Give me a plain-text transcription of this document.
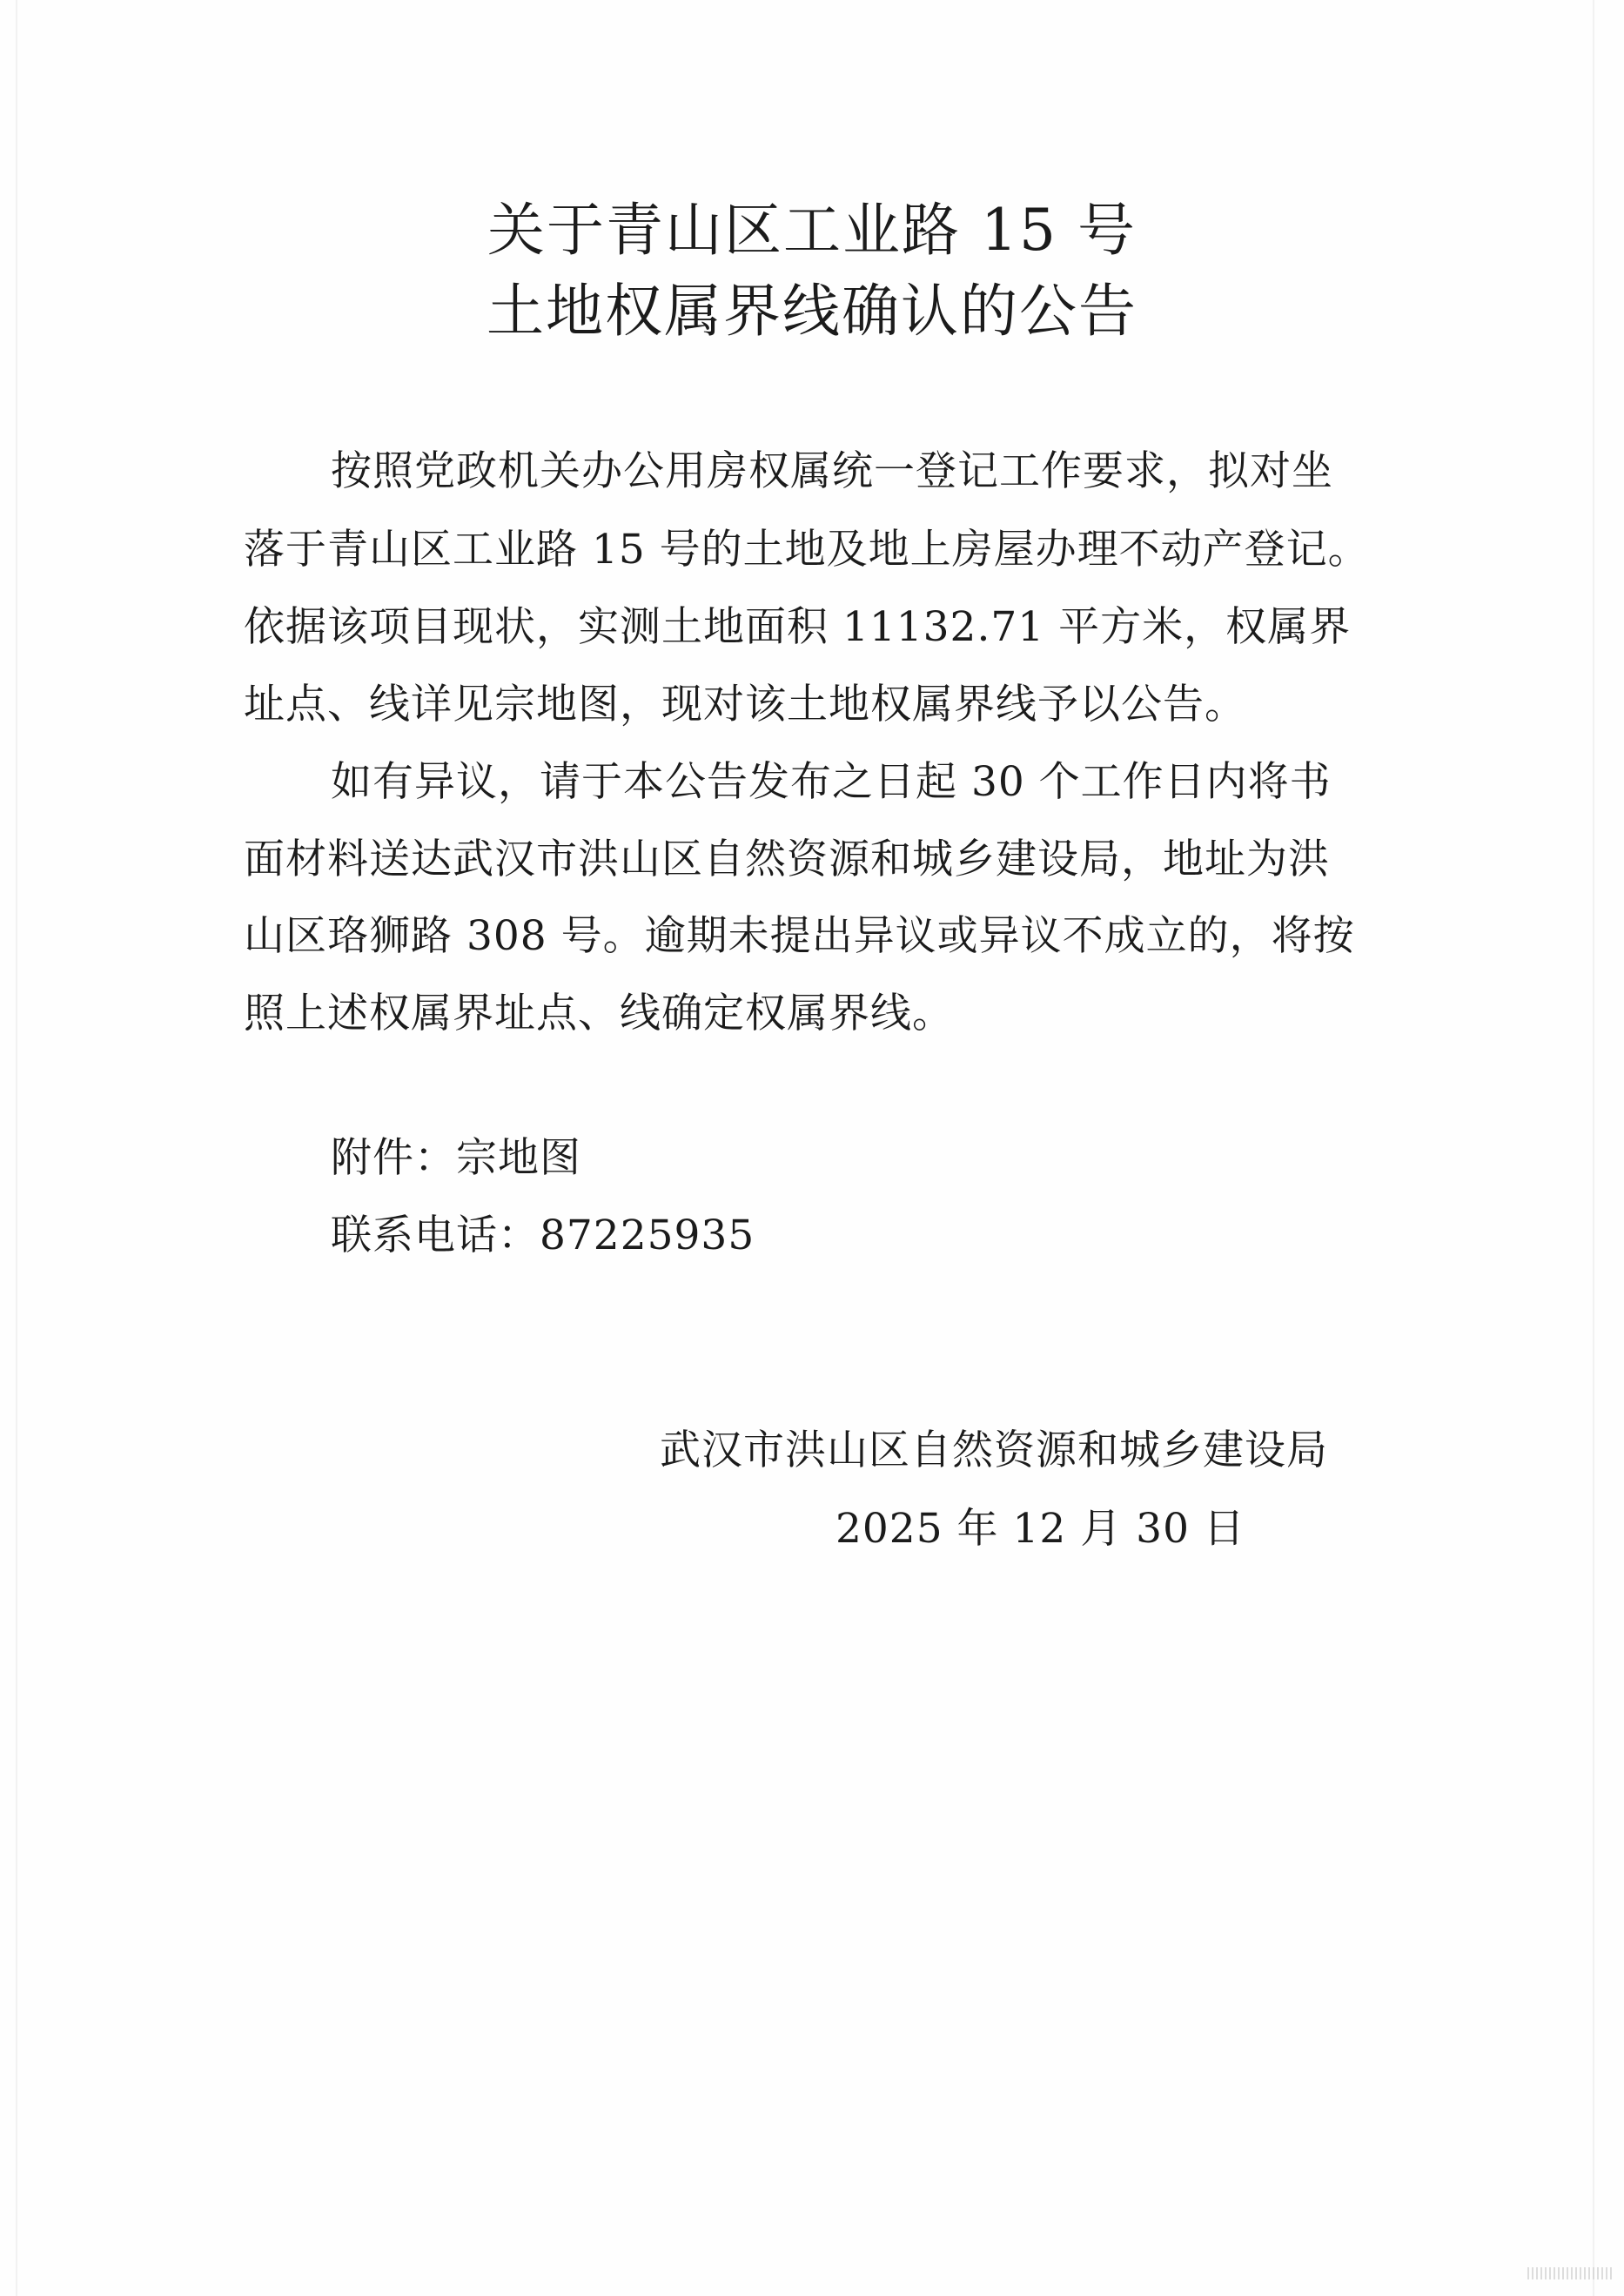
关于青山区工业路 15 号
土地权属界线确认的公告

按照党政机关办公用房权属统一登记工作要求，拟对坐

落于青山区工业路 15 号的土地及地上房屋办理不动产登记。

依据该项目现状，实测土地面积 11132.71 平方米，权属界

址点、线详见宗地图，现对该土地权属界线予以公告。

如有异议，请于本公告发布之日起 30 个工作日内将书

面材料送达武汉市洪山区自然资源和城乡建设局，地址为洪

山区珞狮路 308 号。逾期未提出异议或异议不成立的，将按

照上述权属界址点、线确定权属界线。

附件：宗地图

联系电话：87225935

武汉市洪山区自然资源和城乡建设局

2025 年 12 月 30 日
